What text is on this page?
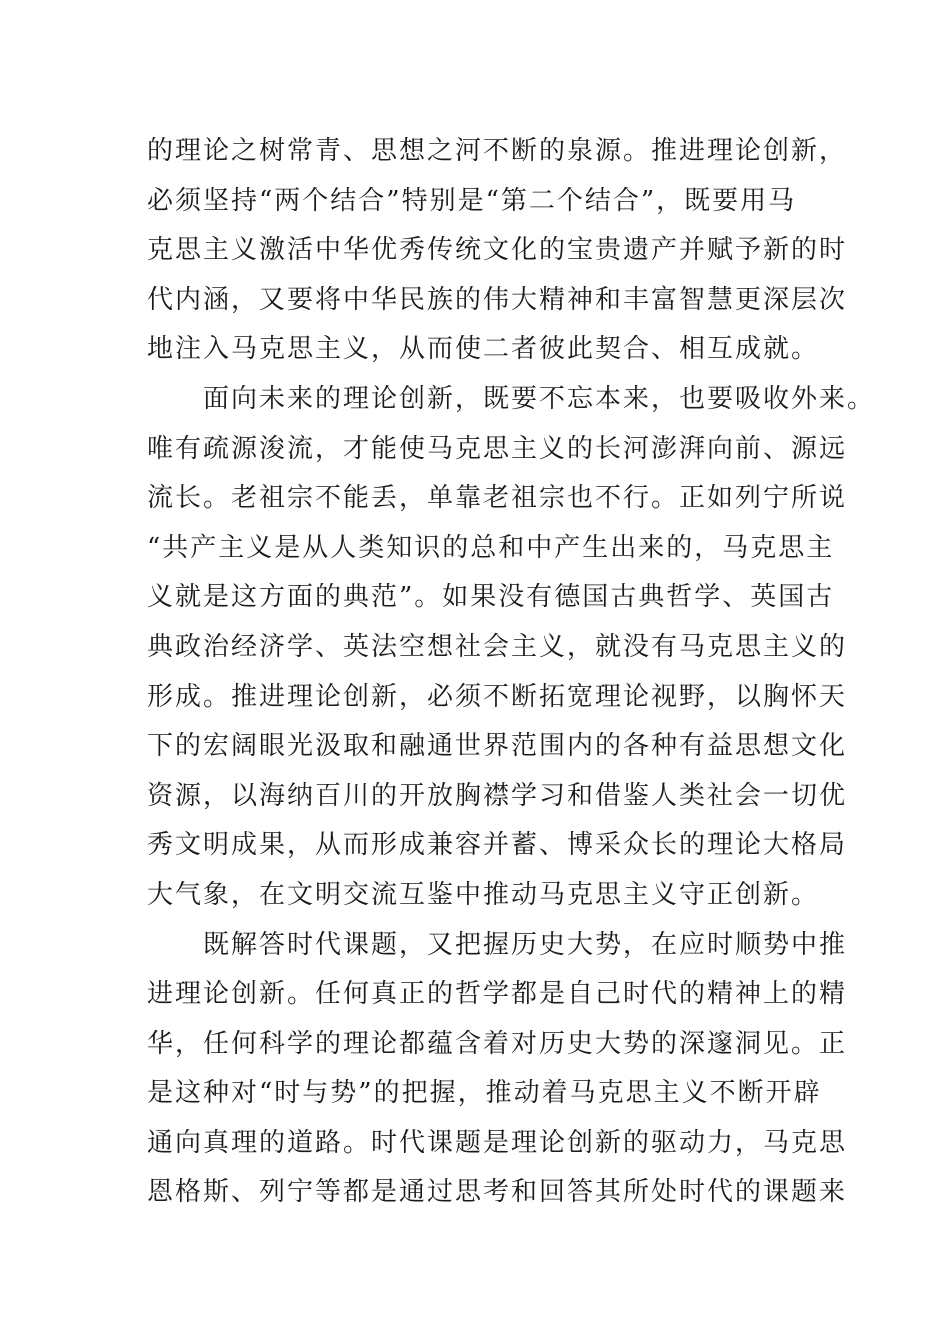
的理论之树常青、思想之河不断的泉源。推进理论创新，
必须坚持“两个结合”特别是“第二个结合”，既要用马
克思主义激活中华优秀传统文化的宝贵遗产并赋予新的时
代内涵，又要将中华民族的伟大精神和丰富智慧更深层次
地注入马克思主义，从而使二者彼此契合、相互成就。
面向未来的理论创新，既要不忘本来，也要吸收外来。
唯有疏源浚流，才能使马克思主义的长河澎湃向前、源远
流长。老祖宗不能丢，单靠老祖宗也不行。正如列宁所说
“共产主义是从人类知识的总和中产生出来的，马克思主
义就是这方面的典范”。如果没有德国古典哲学、英国古
典政治经济学、英法空想社会主义，就没有马克思主义的
形成。推进理论创新，必须不断拓宽理论视野，以胸怀天
下的宏阔眼光汲取和融通世界范围内的各种有益思想文化
资源，以海纳百川的开放胸襟学习和借鉴人类社会一切优
秀文明成果，从而形成兼容并蓄、博采众长的理论大格局
大气象，在文明交流互鉴中推动马克思主义守正创新。
既解答时代课题，又把握历史大势，在应时顺势中推
进理论创新。任何真正的哲学都是自己时代的精神上的精
华，任何科学的理论都蕴含着对历史大势的深邃洞见。正
是这种对“时与势”的把握，推动着马克思主义不断开辟
通向真理的道路。时代课题是理论创新的驱动力，马克思
恩格斯、列宁等都是通过思考和回答其所处时代的课题来
